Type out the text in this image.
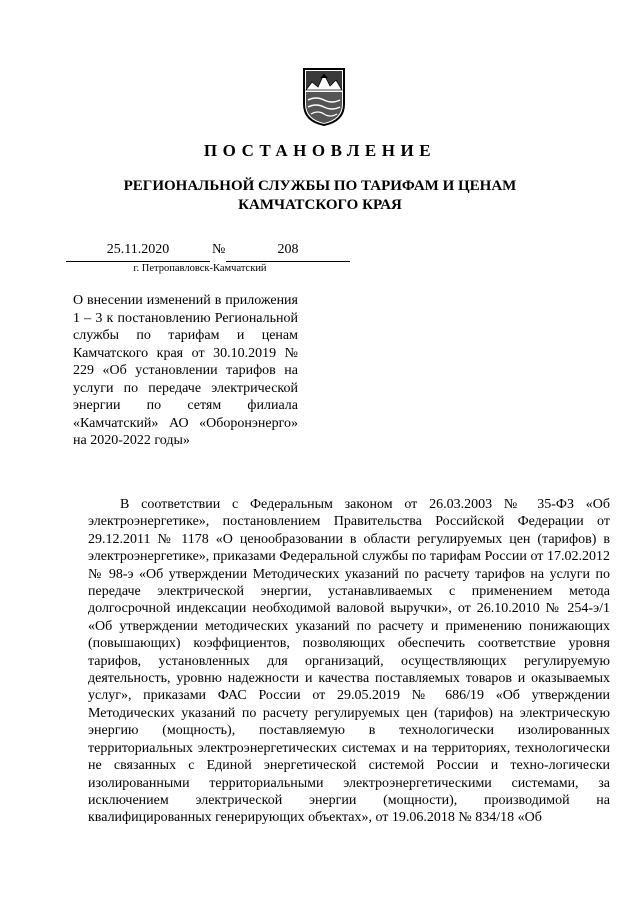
ПОСТАНОВЛЕНИЕ
РЕГИОНАЛЬНОЙ СЛУЖБЫ ПО ТАРИФАМ И ЦЕНАМ
КАМЧАТСКОГО КРАЯ
25.11.2020	№	208
г. Петропавловск-Камчатский

О внесении изменений в приложения 1 – 3 к постановлению Региональной службы по тарифам и ценам Камчатского края от 30.10.2019 № 229 «Об установлении тарифов на услуги по передаче электрической энергии по сетям филиала «Камчатский» АО «Оборонэнерго» на 2020-2022 годы»

В соответствии с Федеральным законом от 26.03.2003 № 35-ФЗ «Об электроэнергетике», постановлением Правительства Российской Федерации от 29.12.2011 № 1178 «О ценообразовании в области регулируемых цен (тарифов) в электроэнергетике», приказами Федеральной службы по тарифам России от 17.02.2012 № 98-э «Об утверждении Методических указаний по расчету тарифов на услуги по передаче электрической энергии, устанавливаемых с применением метода долгосрочной индексации необходимой валовой выручки», от 26.10.2010 № 254-э/1 «Об утверждении методических указаний по расчету и применению понижающих (повышающих) коэффициентов, позволяющих обеспечить соответствие уровня тарифов, установленных для организаций, осуществляющих регулируемую деятельность, уровню надежности и качества поставляемых товаров и оказываемых услуг», приказами ФАС России от 29.05.2019 № 686/19 «Об утверждении Методических указаний по расчету регулируемых цен (тарифов) на электрическую энергию (мощность), поставляемую в технологически изолированных территориальных электроэнергетических системах и на территориях, технологически не связанных с Единой энергетической системой России и техно-логически изолированными территориальными электроэнергетическими системами, за исключением электрической энергии (мощности), производимой на квалифицированных генерирующих объектах», от 19.06.2018 № 834/18 «Об
